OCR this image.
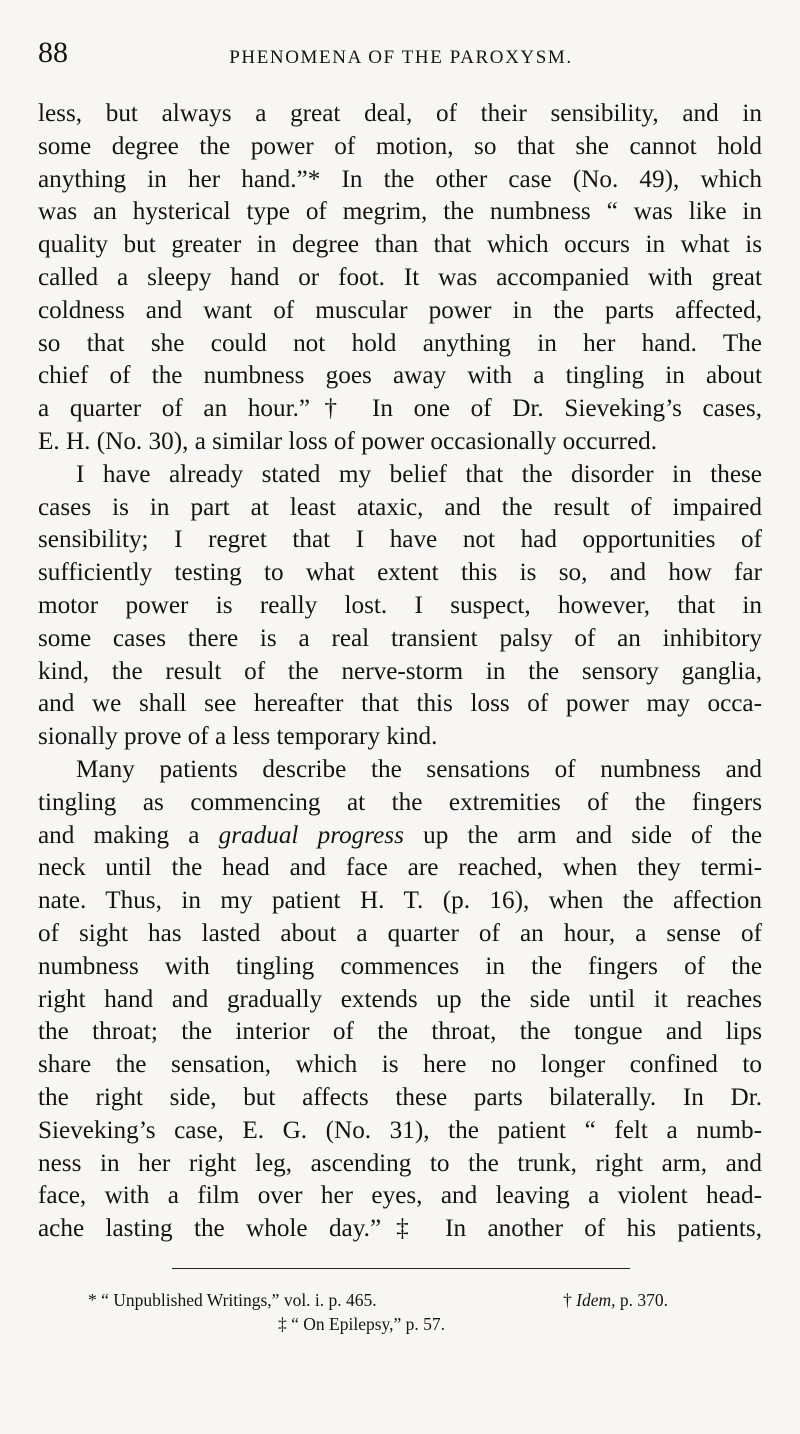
88	PHENOMENA OF THE PAROXYSM.
less, but always a great deal, of their sensibility, and in
some degree the power of motion, so that she cannot hold
anything in her hand.”* In the other case (No. 49), which
was an hysterical type of megrim, the numbness “ was like in
quality but greater in degree than that which occurs in what is
called a sleepy hand or foot. It was accompanied with great
coldness and want of muscular power in the parts affected,
so that she could not hold anything in her hand. The
chief of the numbness goes away with a tingling in about
a quarter of an hour.”† In one of Dr. Sieveking’s cases,
E. H. (No. 30), a similar loss of power occasionally occurred.
I have already stated my belief that the disorder in these
cases is in part at least ataxic, and the result of impaired
sensibility; I regret that I have not had opportunities of
sufficiently testing to what extent this is so, and how far
motor power is really lost. I suspect, however, that in
some cases there is a real transient palsy of an inhibitory
kind, the result of the nerve-storm in the sensory ganglia,
and we shall see hereafter that this loss of power may occa-
sionally prove of a less temporary kind.
Many patients describe the sensations of numbness and
tingling as commencing at the extremities of the fingers
and making a gradual progress up the arm and side of the
neck until the head and face are reached, when they termi-
nate. Thus, in my patient H. T. (p. 16), when the affection
of sight has lasted about a quarter of an hour, a sense of
numbness with tingling commences in the fingers of the
right hand and gradually extends up the side until it reaches
the throat; the interior of the throat, the tongue and lips
share the sensation, which is here no longer confined to
the right side, but affects these parts bilaterally. In Dr.
Sieveking’s case, E. G. (No. 31), the patient “ felt a numb-
ness in her right leg, ascending to the trunk, right arm, and
face, with a film over her eyes, and leaving a violent head-
ache lasting the whole day.”‡ In another of his patients,
* “ Unpublished Writings,” vol. i. p. 465.	† Idem, p. 370.
‡ “ On Epilepsy,” p. 57.
